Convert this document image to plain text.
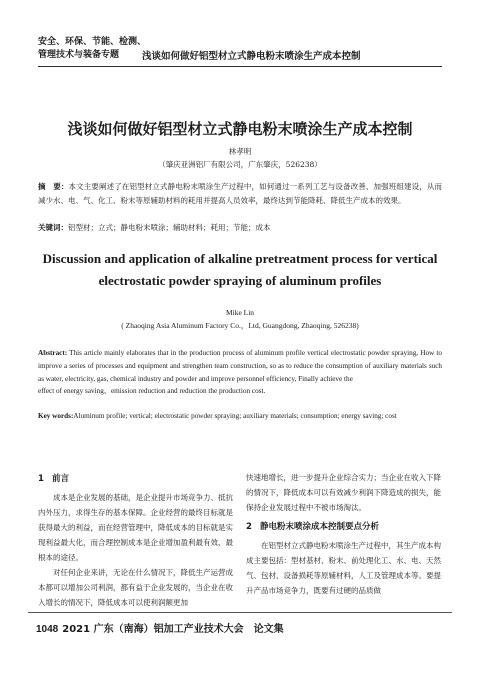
安全、环保、节能、检测、
管理技术与装备专题	浅谈如何做好铝型材立式静电粉末喷涂生产成本控制
浅谈如何做好铝型材立式静电粉末喷涂生产成本控制
林孝明
（肇庆亚洲铝厂有限公司，广东肇庆，526238）
摘　要：本文主要阐述了在铝型材立式静电粉末喷涂生产过程中，如何通过一系列工艺与设备改善、加强班组建设，从而减少水、电、气、化工、粉末等原辅助材料的耗用并提高人员效率，最终达到节能降耗、降低生产成本的效果。
关键词：铝型材；立式；静电粉末喷涂；辅助材料；耗用；节能；成本
Discussion and application of alkaline pretreatment process for vertical electrostatic powder spraying of aluminum profiles
Mike Lin
( Zhaoqing Asia Aluminum Factory Co.，Ltd, Guangdong, Zhaoqing, 526238)
Abstract: This article mainly elaborates that in the production process of aluminum profile vertical electrostatic powder spraying, How to improve a series of processes and equipment and strengthen team construction, so as to reduce the consumption of auxiliary materials such as water, electricity, gas, chemical industry and powder and improve personnel efficiency, Finally achieve the
effect of energy saving、emission reduction and reduction the production cost.
Key words:Aluminum profile; vertical; electrostatic powder spraying; auxiliary materials; consumption; energy saving; cost
1 前言

成本是企业发展的基础，是企业提升市场竞争力、抵抗内外压力，求得生存的基本保障。企业经营的最终目标就是获得最大的利益，而在经营管理中，降低成本的目标就是实现利益最大化，而合理控制成本是企业增加盈利最有效、最根本的途径。

对任何企业来讲，无论在什么情况下，降低生产运营成本都可以增加公司利润，都有益于企业发展的，当企业在收入增长的情况下，降低成本可以使利润额更加

快速地增长，进一步提升企业综合实力；当企业在收入下降的情况下，降低成本可以有效减少利润下降造成的损失，能保持企业发展过程中不被市场淘汰。

2 静电粉末喷涂成本控制要点分析

在铝型材立式静电粉末喷涂生产过程中，其生产成本构成主要包括：型材基材、粉末、前处理化工、水、电、天然气、包材、设备损耗等原辅材料，人工及管理成本等。要提升产品市场竞争力，既要有过硬的品质做

1048 2021 广东（南海）铝加工产业技术大会　论文集
